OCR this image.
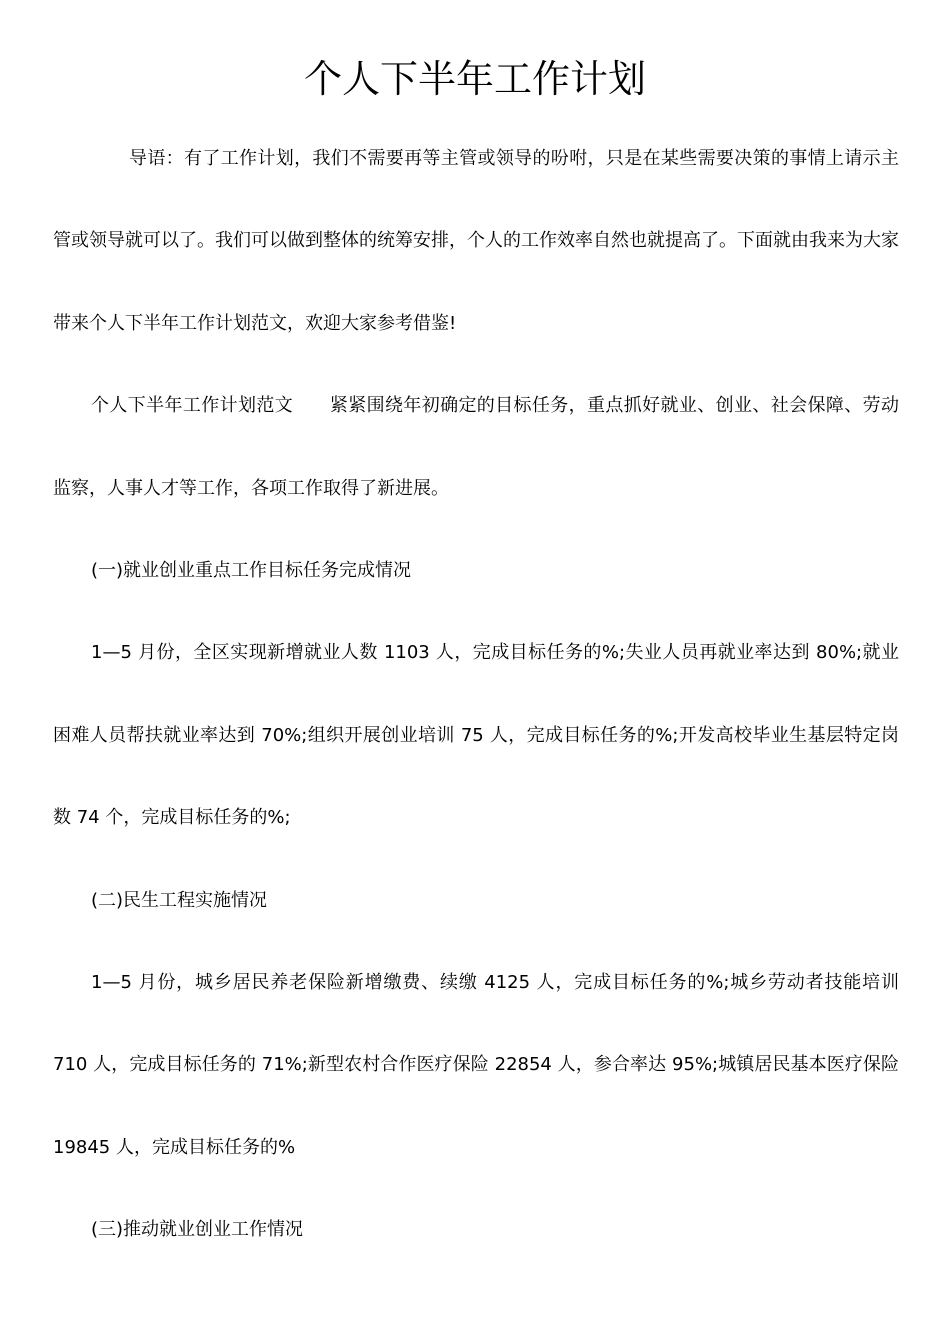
个人下半年工作计划

导语：有了工作计划，我们不需要再等主管或领导的吩咐，只是在某些需要决策的事情上请示主管或领导就可以了。我们可以做到整体的统筹安排，个人的工作效率自然也就提高了。下面就由我来为大家带来个人下半年工作计划范文，欢迎大家参考借鉴!

个人下半年工作计划范文　　紧紧围绕年初确定的目标任务，重点抓好就业、创业、社会保障、劳动监察，人事人才等工作，各项工作取得了新进展。

(一)就业创业重点工作目标任务完成情况

1—5 月份，全区实现新增就业人数 1103 人，完成目标任务的%;失业人员再就业率达到 80%;就业困难人员帮扶就业率达到 70%;组织开展创业培训 75 人，完成目标任务的%;开发高校毕业生基层特定岗数 74 个，完成目标任务的%;

(二)民生工程实施情况

1—5 月份，城乡居民养老保险新增缴费、续缴 4125 人，完成目标任务的%;城乡劳动者技能培训 710 人，完成目标任务的 71%;新型农村合作医疗保险 22854 人，参合率达 95%;城镇居民基本医疗保险 19845 人，完成目标任务的%

(三)推动就业创业工作情况
